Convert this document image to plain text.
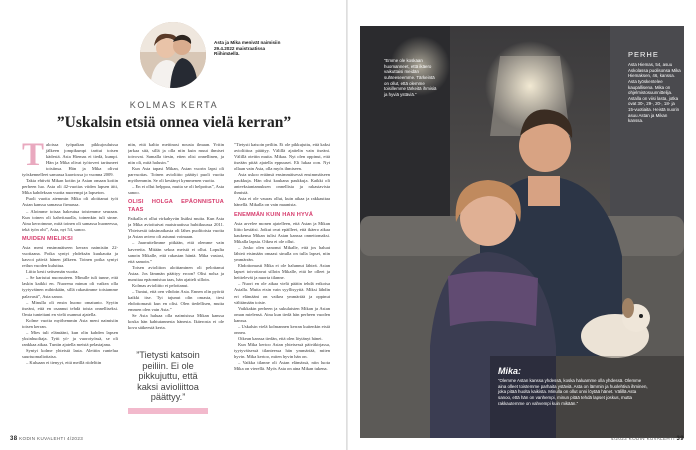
Asta ja Mika menivät naimisiin 29.4.2022 maistraatissa Riihimäellä.
KOLMAS KERTA
”Uskalsin etsiä onnea vielä kerran”
T aloissa työpaikan pikkujouluissa jälkeen jompikumpi tarttui toisen kädestä. Asta Hiemas ei tiedä, kumpi. Hän ja Mika olivat työtoveri tarttuneet toisiinsa. Hän ja Mika olivat työskennelleet samassa kaaviossa jo vuonna 2009.

Takia ehtivät Mikan kotiin ja Astan omaan kotiin perheen luo. Asta oli 42-vuotias viiden lapsen äiti, Mika kahdeksan vuotta nuorempi ja lapseton.

Puoli vuotta aiemmin Mika oli aloittanut työt Astan kanssa samassa firmassa.

– Aloimme toisaa hakeutua toistemme seuraan. Kun toinen oli kahvitauolla, toinenkin tuli sinne. Aina kerroimme, mitä toinen oli samassa huoneessa, tekä työn ohi”, Asta, nyt 54, sanoo.

MUIDEN MIELIKSI

Asta meni ensimmäiseen kerran naimisiin 22-vuotiaana. Poika syntyi yhdeksän kuukautta ja kasvoi päiviä hänen jälkeen. Toinen poika syntyi reilun vuoden kuluttua.

Liitto kesti seitsemän vuotta.

– Se kariutui nuoruuteen. Minulle tuli tunne, että laskin kaikki en. Nuorena minun oli vaikea olla tyytyväinen mihinkään, sillä rakastimme toisiamme palavasti”, Asta sanoo.

– Minulla oli ensin huono omatunto. Syytin itseäni, että en osannut tehdä toista onnelliseksi. Omia tunteitani en vielä osannut ajatella.

Kolme vuotta myöhemmin Asta meni naimisiin toisen kerran.

– Mies tuli elämääni, kun olin kahden lapsen yksinhuoltaja. Tytti yö- ja vuorotyössä, se oli rankkaa aikaa. Tuntin ajatella meistä pelastajana.

Syntyi kolme yhteistä lasta. Aletttin runtelua suurtuomaliottaisa.

– Kuluaan ei tienyyt, että meillä riidelttin

niin, että kaltto meitinasi nousta ilmaan. Yritin jarkaa sitä, sillä ja olla niin kuin muut ihmiset toivovat. Samalla tiesin, etten olisi onnellinen, ja niin oli, mitä halusin.”

Kun Asta tapasi Mikan, Astan vuorin lapsi oli parvuotias. Toinen avioliitto päättyi puoli vuotta myöhemmin. Se oli kestänyt kymmenen vuotta.

– En ei ollut helppoa, mutta se oli helpottus”, Asta sanoo.

OLISI HOLGA EPÄONNISTUA TAAS

Paikalla ei ollut virkahyvän lisäksi muita. Kun Asta ja Mika avioituivat maistraatissa huhtikuussa 2011. Yhteisestä taksimatkasta oli lähes puolitoista vuotta ja Astan aviero oli astunut voimaan.

– Jaarruttelimme pitkään, että olemme vain kavereita. Mitään sekoa meistä ei ollut. Lopulta sanoin Mikalle, että rakastan häntä. Mika vastasi, että samoin.”

Toisen avioliiton aloittaminen oli pelottanut Astaa. Jos lämmän päättyy eroon? Olisi nolsa ja nuruttaa epäonnistua taas, hän ajatteli silloin.

Kolmas avioliitto ei pelottanut.

– Tuntui, että oen vihdoin Asta. Ennen olin pyöriä kaikki itse. Tyt tajunut olin omasta, tiesi ehdottomasti kun en olisi. Olen tiedellisen, mutta emmen olen vain Asta.”

Se Asta haluaa olla naimisissa Mikan kanssa koska hän kahtutannesta hänesta. Ikäerosta ei ole kova säikeestä kerta.

”Tietysti katsoin peiliin. Ei ole pikkujuttu, että kaksi avioliittoa päättyy. Välillä ajattelin vain itseäni. Välillä otettin muita. Mikaa. Nyt olen oppinut, että itseään pitää ajatella eppuuset. Eli lukaa oon. Nyt ollaan vain Asta, olla myös ihmiseen.

Asta uskoo eräänsä ensimmäisessä ensimmäiseen paukkuja. Hän olisi kaukana paukkuja. Kaikki oli anteeksiantamuksen onnellista ja rakastavista ihmistä.

Asta ei ole vauras ollut, kuin aikaa ja rakkauttaa hänellä. Mikalla on vain maanista.

ENEMMÄN KUIN HAN HYVÄ

Asta arvelee monen ajatelleen, että Astan ja Mikan liitto kestäisi. Jotkut ovat epäilleet, että ikäero aikaa kaukensa Mikan tulisi Astan kanssa onnettomaksi. Mikalla lapsia. Oikea ei ole ollut.

– Josko olen sanonut Mikalle, että jos haluat lähteä etsimään omaasi sinulla on tulla lapset, niin ymmärrän.

Ehdottomasti Mika ei ole halunnut lähteä. Astan lapset toivottavat silloin Mikalle, että he olleet ja heittelevät ja nuorta tilanne.

– Nuori en ole aikaa vielä päätin tehdä erikoisa Astalla. Mutta etsin vain syyllisyyttä. Miksi lähdin eri elämääni on vaikea ymmärtää ja oppinut välttämään toiste.

Vaikkakin perheen ja sukulaisten Mikan ja Astan oman mielensä. Aina kun tiedä hän perheen vuoden kanssa.

– Uskalsin vielä kolmannen kerran kuitenkin etsiä onnea.

Oikean kanssa tiedän, että olen löytänyt hänet.

Kun Mika kertoo Astan yhteisessä päiväkirjassa, tyytyväisessä tilanteessa hän ymmärtää, miten hyvin. Mika kertoo, miten hyvin hän on.

– Vaikka tilanne oli Astan elämässä, niin luota Mika on vierellä. Myös Asta on aina Mikan tukena.

”Tietysti katsoin peiliin. Ei ole pikkujuttu, että kaksi avioliittoa päättyy.”
38 KODIN KUVALEHTI 4/2023
”Emme ole koskaan huomanneet, että ikäero vaikuttaisi meidän suhteeseemme. Tärkeintä on ollut, että olemme toisillemme tärkeitä ihmisiä ja hyviä ystäviä.”
PERHE
Asta Hiemas, 54, asuu Askolassa puolisonsa Mika Hiemaksen, 46, kanssa. Asta työskentelee kaupallisena. Mika on ohjelmistosuunnittelija. Astalla on viisi lasta, jotka ovat 30-, 29-, 20-, 18- ja 15-vuotiaita. Heistä nuorin asuu Astan ja Mikan kanssa.
Mika:
”Olemme Astan kanssa yhdessä, koska haluamme olla yhdessä. Olemme aina olleet toistemme parhaita ystäviä. Asta on lämmin ja huolehtiva ihminen, joka pitää huolta kaikista. Minulla on ollut onni löytää hänet. Välillä Asta sanoo, että hän on vanhempi, minun pitää tehdä lapset joskus, mutta rakkautemme on vahvempi kuin mikään.”
4/2023 KODIN KUVALEHTI 39
